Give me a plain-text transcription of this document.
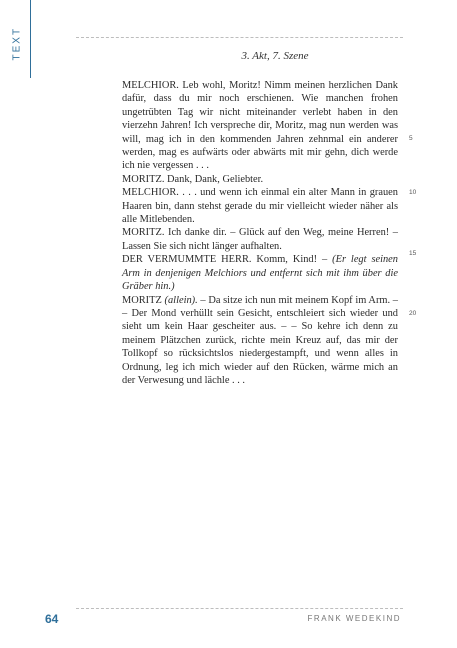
TEXT	3. Akt, 7. Szene

MELCHIOR. Leb wohl, Moritz! Nimm meinen herzlichen Dank dafür, dass du mir noch erschienen. Wie manchen frohen ungetrübten Tag wir nicht miteinander verlebt haben in den vierzehn Jahren! Ich verspreche dir, Moritz, mag nun werden was will, mag ich in den kommenden Jahren zehnmal ein anderer werden, mag es aufwärts oder abwärts mit mir gehn, dich werde ich nie vergessen . . .

MORITZ. Dank, Dank, Geliebter.

MELCHIOR. . . . und wenn ich einmal ein alter Mann in grauen Haaren bin, dann stehst gerade du mir vielleicht wieder näher als alle Mitlebenden.

MORITZ. Ich danke dir. – Glück auf den Weg, meine Herren! – Lassen Sie sich nicht länger aufhalten.

DER VERMUMMTE HERR. Komm, Kind! – (Er legt seinen Arm in denjenigen Melchiors und entfernt sich mit ihm über die Gräber hin.)

MORITZ (allein). – Da sitze ich nun mit meinem Kopf im Arm. – – Der Mond verhüllt sein Gesicht, entschleiert sich wieder und sieht um kein Haar gescheiter aus. – – So kehre ich denn zu meinem Plätzchen zurück, richte mein Kreuz auf, das mir der Tollkopf so rücksichtslos niedergestampft, und wenn alles in Ordnung, leg ich mich wieder auf den Rücken, wärme mich an der Verwesung und lächle . . .

5
10
15
20
64	FRANK WEDEKIND
